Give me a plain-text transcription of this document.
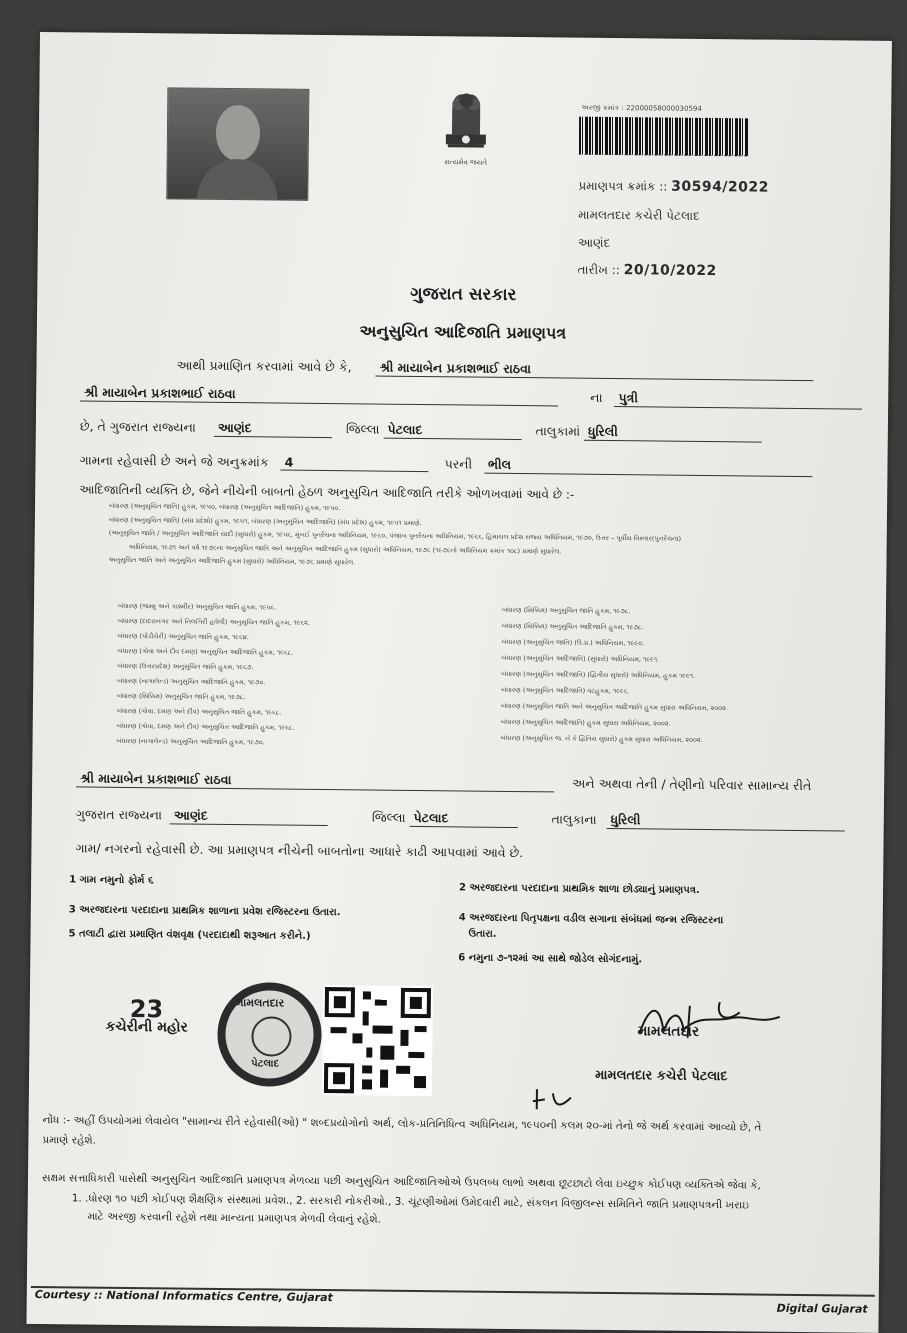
સત્યમેવ જયતે
અરજી ક્રમાંક : 22000058000030594
પ્રમાણપત્ર ક્રમાંક :: 30594/2022
મામલતદાર કચેરી પેટલાદ
આણંદ
તારીખ :: 20/10/2022
ગુજરાત સરકાર
અનુસુચિત આદિજાતિ પ્રમાણપત્ર
આથી પ્રમાણિત કરવામાં આવે છે કે, શ્રી માયાબેન પ્રકાશભાઈ રાઠવા
શ્રી માયાબેન પ્રકાશભાઈ રાઠવા	ના પુત્રી
છે, તે ગુજરાત રાજ્યના આણંદ	જિલ્લા પેટલાદ	તાલુકામાં ધુરિલી
ગામના રહેવાસી છે અને જે અનુક્રમાંક 4	પરની ભીલ
આદિજાતિની વ્યક્તિ છે, જેને નીચેની બાબતો હેઠળ અનુસુચિત આદિજાતિ તરીકે ઓળખવામાં આવે છે :-
બંધારણ (અનુસુચિત જાતિ) હુકમ, ૧૯૫૦, બંધારણ (અનુસુચિત આદિજાતિ) હુકમ, ૧૯૫૦.
બંધારણ (અનુસુચિત જાતિ) (સંઘ પ્રદેશો) હુકમ, ૧૯૫૧, બંધારણ (અનુસુચિત આદિજાતિ) (સંઘ પ્રદેશ) હુકમ, ૧૯૫૧ પ્રમાણે.
(અનુસુચિત જાતિ / અનુસુચિત આદિજાતિ યાદી (સુધારો) હુકમ, ૧૯૫૬, મુંબઈ પુનર્રચના અધિનિયમ, ૧૯૬૦, પંજાબ પુનર્રચના અધિનિયમ, ૧૯૬૬, હિમાચલ પ્રદેશ રાજ્ય અધિનિયમ, ૧૯૭૦, ઉત્તર – પૂર્વીય વિસ્તાર(પુનર્રચના)
અધિનિયમ, ૧૯૭૧ અને વર્ષ ૧૯૭૬ના અનુસુચિત જાતિ અને અનુસુચિત આદિજાતિ હુકમ (સુધારો) અધિનિયમ, ૧૯૭૬ (૧૯૭૬નો અધિનિયમ ક્રમાંક ૧૦૮) પ્રમાણે સુધારેલ.
અનુસુચિત જાતિ અને અનુસુચિત આદિજાતિ હુકમ (સુધારો) અધિનિયમ, ૧૯૭૬ પ્રમાણે સુધારેલ.
બંધારણ (જમ્મુ અને કાશ્મીર) અનુસુચિત જાતિ હુકમ, ૧૯૫૬.
બંધારણ (દાદરાનગર અને નિલગિરી હવેલી) અનુસુચિત જાતિ હુકમ, ૧૯૬૨.
બંધારણ (પોંડીચેરી) અનુસુચિત જાતિ હુકમ, ૧૯૬૪.
બંધારણ (ગોવા અને દીવ દમણ) અનુસુચિત આદિજાતિ હુકમ, ૧૯૬૮.
બંધારણ (ઉત્તરપ્રદેશ) અનુસુચિત જાતિ હુકમ, ૧૯૬૭.
બંધારણ (નાગાલેન્ડ) અનુસુચિત આદિજાતિ હુકમ, ૧૯૭૦.
બંધારણ (સિક્કિમ) અનુસુચિત જાતિ હુકમ, ૧૯૭૮.
બંધારણ (ગોવા, દમણ અને દીવ) અનુસુચિત જાતિ હુકમ, ૧૯૬૮.
બંધારણ (ગોવા, દમણ અને દીવ) અનુસુચિત આદિજાતિ હુકમ, ૧૯૬૮.
બંધારણ (નાગાલેન્ડ) અનુસુચિત આદિજાતિ હુકમ, ૧૯૭૦.
બંધારણ (સિક્કિમ) અનુસુચિત જાતિ હુકમ, ૧૯૭૮.
બંધારણ (સિક્કિમ) અનુસુચિત આદિજાતિ હુકમ, ૧૯૭૮.
બંધારણ (અનુસુચિત જાતિ) (ઉ.પ્ર.) અધિનિયમ, ૧૯૯૦.
બંધારણ (અનુસુચિત આદિજાતિ) (સુધારો) અધિનિયમ, ૧૯૯૧.
બંધારણ (અનુસુચિત આદિજાતિ) (દ્વિતીય સુધારો) અધિનિયમ, હુકમ ૧૯૯૧.
બંધારણ (અનુસુચિત આદિજાતિ) વટહુકમ, ૧૯૯૬.
બંધારણ (અનુસુચિત જાતિ અને અનુસુચિત આદિજાતિ હુકમ સુધારા અધિનિયમ, ૨૦૦૨.
બંધારણ (અનુસુચિત આદિજાતિ) હુકમ સુધારા અધિનિયમ, ૨૦૦૨.
બંધારણ (અનુસુચિત જ. ને કે દ્વિતિય સુધારો) હુકમ સુધારા અધિનિયમ, ૨૦૦૨.
શ્રી માયાબેન પ્રકાશભાઈ રાઠવા	અને અથવા તેની / તેણીનો પરિવાર સામાન્ય રીતે
ગુજરાત રાજ્યના આણંદ	જિલ્લા પેટલાદ	તાલુકાના ધુરિલી
ગામ/ નગરનો રહેવાસી છે. આ પ્રમાણપત્ર નીચેની બાબતોના આધારે કાઢી આપવામાં આવે છે.
1 ગામ નમુનો ફોર્મ ૬
2 અરજદારના પરદાદાના પ્રાથમિક શાળા છોડ્યાનું પ્રમાણપત્ર.
3 અરજદારના પરદાદાના પ્રાથમિક શાળાના પ્રવેશ રજિસ્ટરના ઉતારા.
4 અરજદારના પિતૃપક્ષના વડીલ સગાના સંબંધમાં જન્મ રજિસ્ટરના
ઉતારા.
5 તલાટી દ્વારા પ્રમાણિત વંશવૃક્ષ (પરદાદાથી શરૂઆત કરીને.)
6 નમુના ૭-૧૨માં આ સાથે જોડેલ સોગંદનામું.
23
કચેરીની મહોર
મામલતદાર
પેટલાદ
મામલતદાર
મામલતદાર કચેરી પેટલાદ
નોંધ :- અહીં ઉપયોગમાં લેવાયેલ "સામાન્ય રીતે રહેવાસી(ઓ) " શબ્દપ્રયોગોનો અર્થ, લોક-પ્રતિનિધિત્વ અધિનિયમ, ૧૯૫૦ની કલમ ૨૦-માં તેનો જે અર્થ કરવામાં આવ્યો છે, તે
પ્રમાણે રહેશે.
સક્ષમ સત્તાધિકારી પાસેથી અનુસુચિત આદિજાતિ પ્રમાણપત્ર મેળવ્યા પછી અનુસુચિત આદિજાતિઓએ ઉપલબ્ધ લાભો અથવા છૂટછાટો લેવા ઇચ્છુક કોઈપણ વ્યક્તિએ જેવા કે,
1. .ધોરણ ૧૦ પછી કોઈપણ શૈક્ષણિક સંસ્થામાં પ્રવેશ., 2. સરકારી નોકરીઓ., 3. ચૂંટણીઓમાં ઉમેદવારી માટે, સંકલન વિજીલન્સ સમિતિને જાતિ પ્રમાણપત્રની ખરાઇ
માટે અરજી કરવાની રહેશે તથા માન્યતા પ્રમાણપત્ર મેળવી લેવાનું રહેશે.
Courtesy :: National Informatics Centre, Gujarat
Digital Gujarat
